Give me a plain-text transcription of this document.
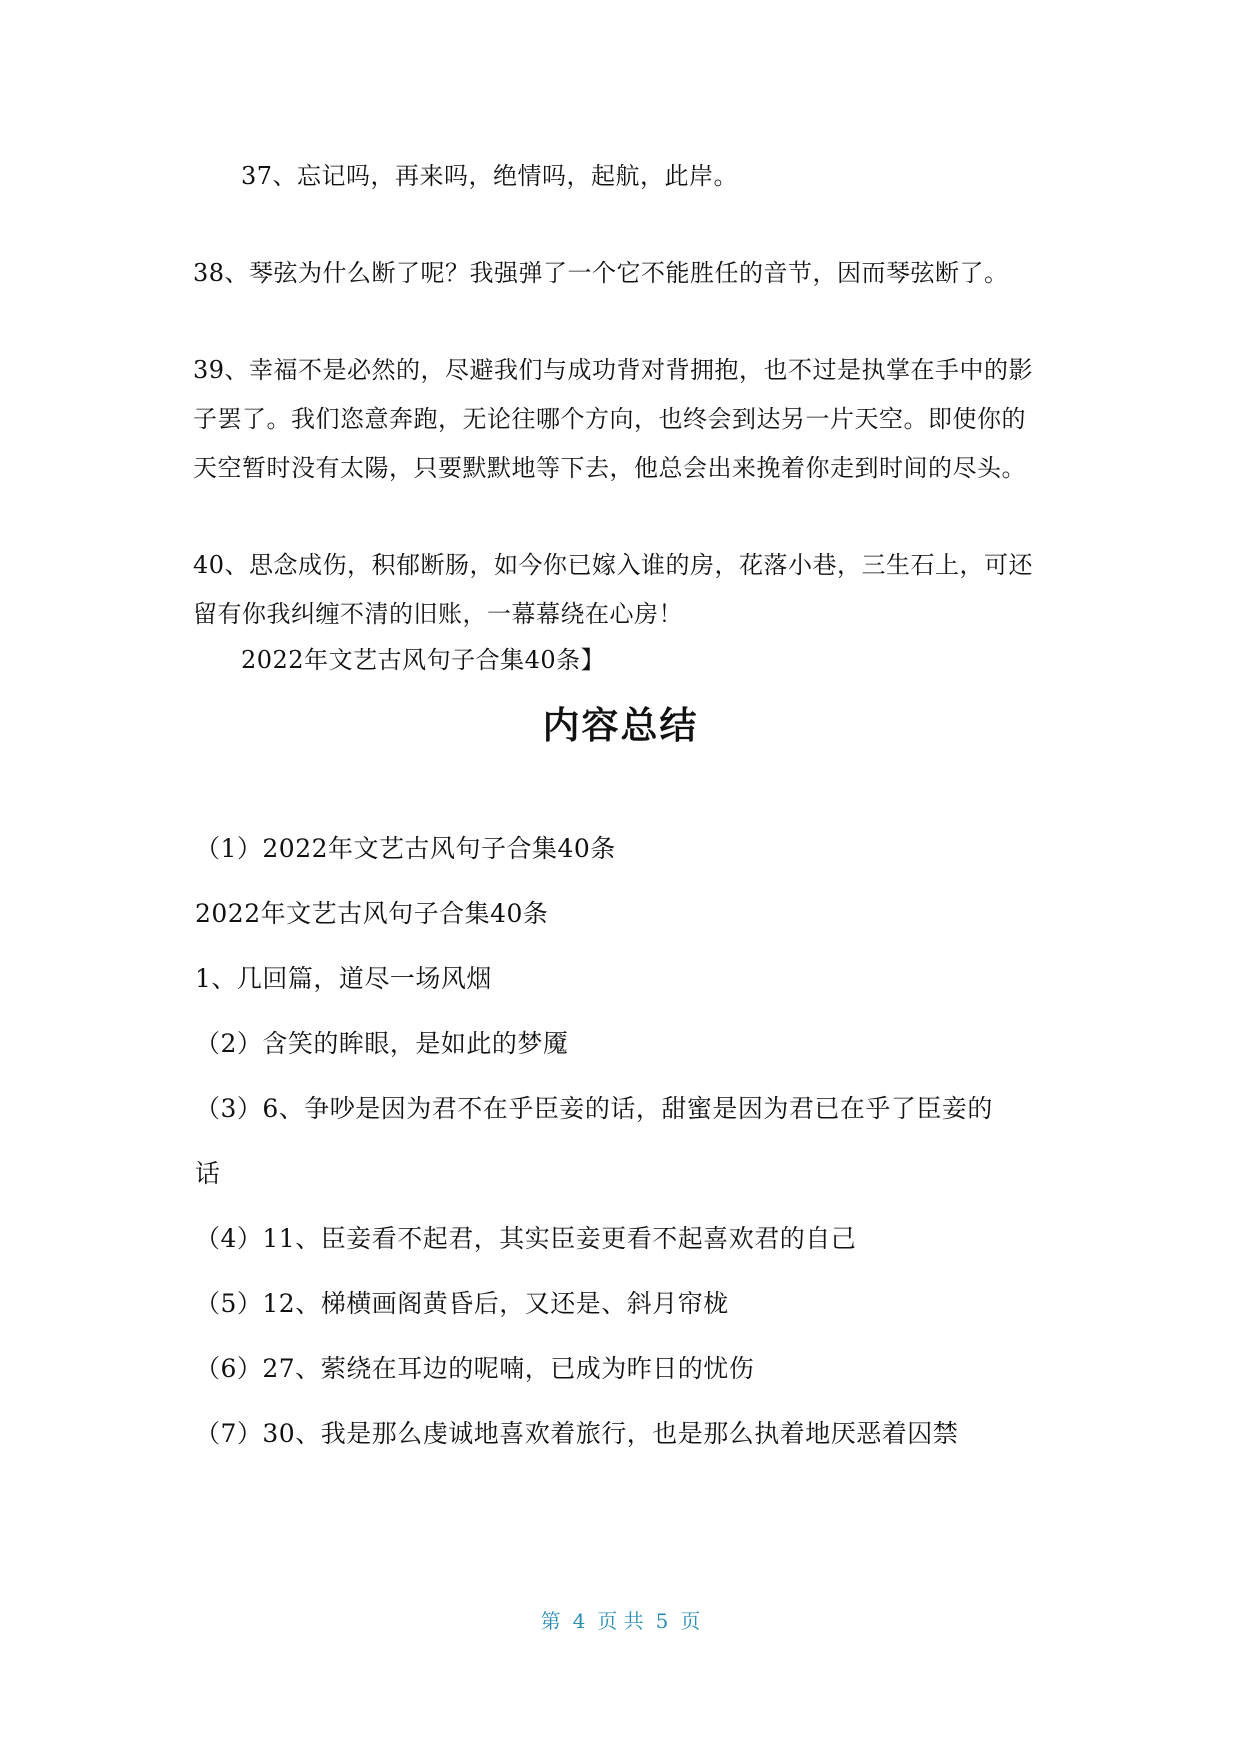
37、忘记吗，再来吗，绝情吗，起航，此岸。
38、琴弦为什么断了呢？我强弹了一个它不能胜任的音节，因而琴弦断了。
39、幸福不是必然的，尽避我们与成功背对背拥抱，也不过是执掌在手中的影
子罢了。我们恣意奔跑，无论往哪个方向，也终会到达另一片天空。即使你的
天空暂时没有太陽，只要默默地等下去，他总会出来挽着你走到时间的尽头。
40、思念成伤，积郁断肠，如今你已嫁入谁的房，花落小巷，三生石上，可还
留有你我纠缠不清的旧账，一幕幕绕在心房！
2022年文艺古风句子合集40条】
内容总结
（1）2022年文艺古风句子合集40条
2022年文艺古风句子合集40条
1、几回篇，道尽一场风烟
（2）含笑的眸眼，是如此的梦魇
（3）6、争吵是因为君不在乎臣妾的话，甜蜜是因为君已在乎了臣妾的
话
（4）11、臣妾看不起君，其实臣妾更看不起喜欢君的自己
（5）12、梯横画阁黄昏后，又还是、斜月帘栊
（6）27、萦绕在耳边的呢喃，已成为昨日的忧伤
（7）30、我是那么虔诚地喜欢着旅行，也是那么执着地厌恶着囚禁
第 4 页 共 5 页
